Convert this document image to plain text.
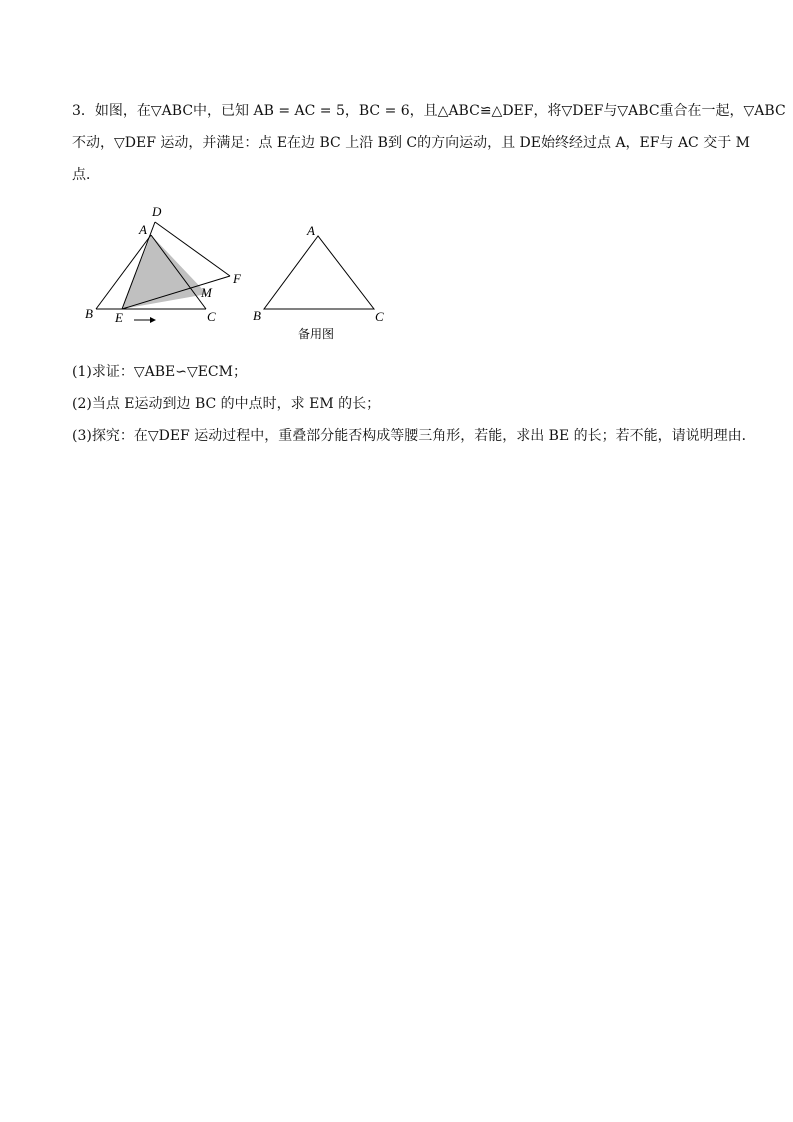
3．如图，在▽ABC中，已知 AB = AC = 5，BC = 6，且△ABC≌△DEF，将▽DEF与▽ABC重合在一起，▽ABC
不动，▽DEF 运动，并满足：点 E在边 BC 上沿 B到 C的方向运动，且 DE始终经过点 A，EF与 AC 交于 M
点．
D
A
F
M
B E	C
A
B	C
备用图
(1)求证：▽ABE∽▽ECM；
(2)当点 E运动到边 BC 的中点时，求 EM 的长；
(3)探究：在▽DEF 运动过程中，重叠部分能否构成等腰三角形，若能，求出 BE 的长；若不能，请说明理由．
